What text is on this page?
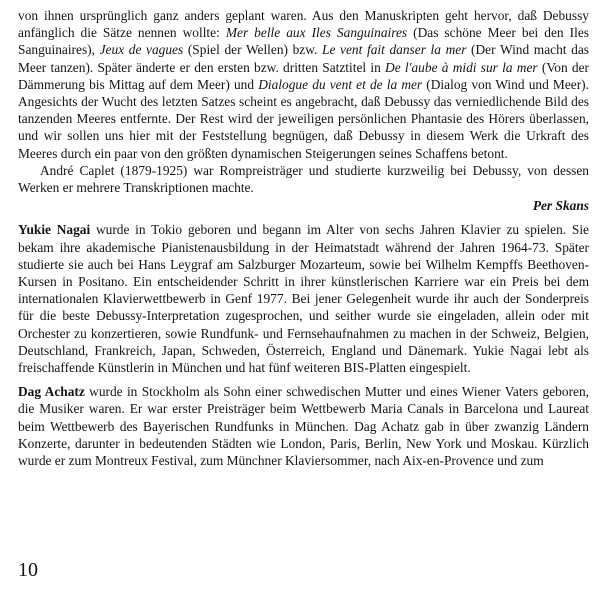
von ihnen ursprünglich ganz anders geplant waren. Aus den Manuskripten geht hervor, daß Debussy anfänglich die Sätze nennen wollte: Mer belle aux Iles Sanguinaires (Das schöne Meer bei den Iles Sanguinaires), Jeux de vagues (Spiel der Wellen) bzw. Le vent fait danser la mer (Der Wind macht das Meer tanzen). Später änderte er den ersten bzw. dritten Satztitel in De l'aube à midi sur la mer (Von der Dämmerung bis Mittag auf dem Meer) und Dialogue du vent et de la mer (Dialog von Wind und Meer). Angesichts der Wucht des letzten Satzes scheint es angebracht, daß Debussy das verniedlichende Bild des tanzenden Meeres entfernte. Der Rest wird der jeweiligen persönlichen Phantasie des Hörers überlassen, und wir sollen uns hier mit der Feststellung begnügen, daß Debussy in diesem Werk die Urkraft des Meeres durch ein paar von den größten dynamischen Steigerungen seines Schaffens betont.

André Caplet (1879-1925) war Rompreisträger und studierte kurzweilig bei Debussy, von dessen Werken er mehrere Transkriptionen machte.

Per Skans

Yukie Nagai wurde in Tokio geboren und begann im Alter von sechs Jahren Klavier zu spielen. Sie bekam ihre akademische Pianistenausbildung in der Heimatstadt während der Jahren 1964-73. Später studierte sie auch bei Hans Leygraf am Salzburger Mozarteum, sowie bei Wilhelm Kempffs Beethoven-Kursen in Positano. Ein entscheidender Schritt in ihrer künstlerischen Karriere war ein Preis bei dem internationalen Klavierwettbewerb in Genf 1977. Bei jener Gelegenheit wurde ihr auch der Sonderpreis für die beste Debussy-Interpretation zugesprochen, und seither wurde sie eingeladen, allein oder mit Orchester zu konzertieren, sowie Rundfunk- und Fernsehaufnahmen zu machen in der Schweiz, Belgien, Deutschland, Frankreich, Japan, Schweden, Österreich, England und Dänemark. Yukie Nagai lebt als freischaffende Künstlerin in München und hat fünf weiteren BIS-Platten eingespielt.

Dag Achatz wurde in Stockholm als Sohn einer schwedischen Mutter und eines Wiener Vaters geboren, die Musiker waren. Er war erster Preisträger beim Wettbewerb Maria Canals in Barcelona und Laureat beim Wettbewerb des Bayerischen Rundfunks in München. Dag Achatz gab in über zwanzig Ländern Konzerte, darunter in bedeutenden Städten wie London, Paris, Berlin, New York und Moskau. Kürzlich wurde er zum Montreux Festival, zum Münchner Klaviersommer, nach Aix-en-Provence und zum

10
